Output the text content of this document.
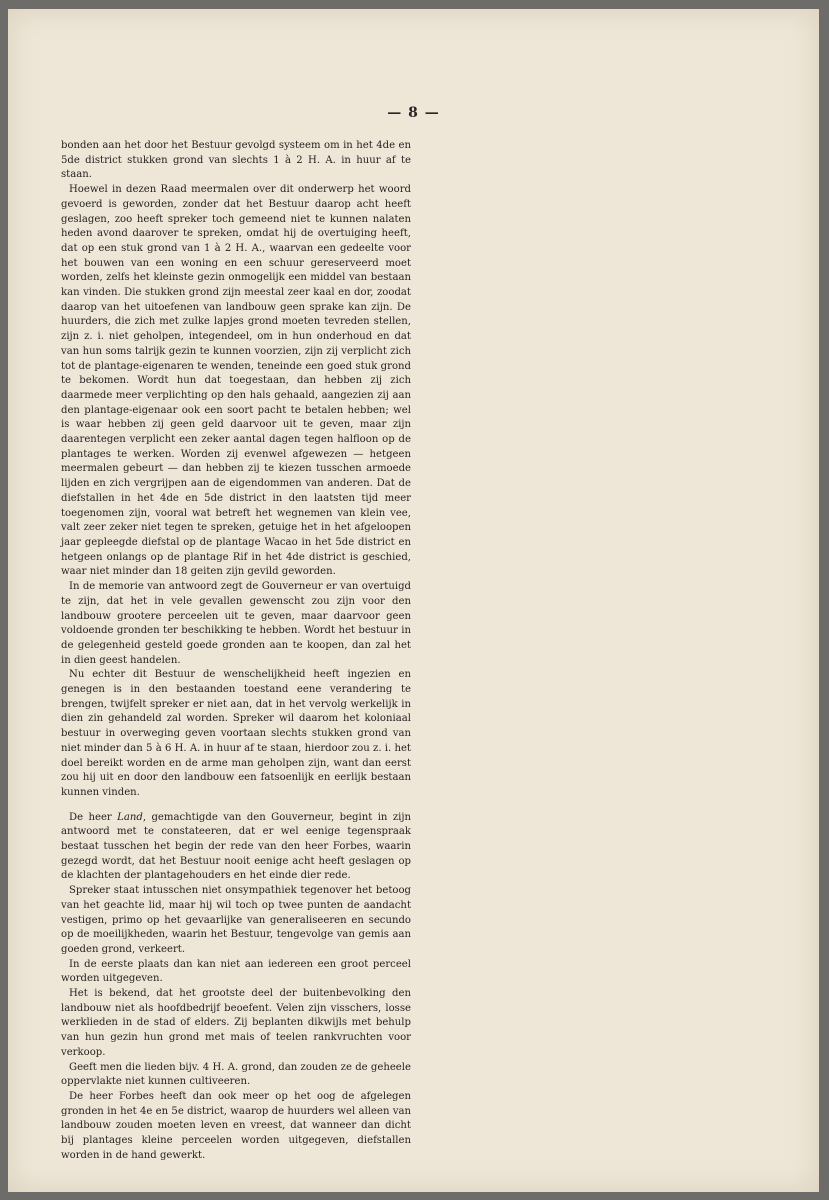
— 8 —

bonden aan het door het Bestuur gevolgd systeem om in het 4de en 5de district stukken grond van slechts 1 à 2 H. A. in huur af te staan.

Hoewel in dezen Raad meermalen over dit onderwerp het woord gevoerd is geworden, zonder dat het Bestuur daarop acht heeft geslagen, zoo heeft spreker toch gemeend niet te kunnen nalaten heden avond daarover te spreken, omdat hij de overtuiging heeft, dat op een stuk grond van 1 à 2 H. A., waarvan een gedeelte voor het bouwen van een woning en een schuur gereserveerd moet worden, zelfs het kleinste gezin onmogelijk een middel van bestaan kan vinden. Die stukken grond zijn meestal zeer kaal en dor, zoodat daarop van het uitoefenen van landbouw geen sprake kan zijn. De huurders, die zich met zulke lapjes grond moeten tevreden stellen, zijn z. i. niet geholpen, integendeel, om in hun onderhoud en dat van hun soms talrijk gezin te kunnen voorzien, zijn zij verplicht zich tot de plantage-eigenaren te wenden, teneinde een goed stuk grond te bekomen. Wordt hun dat toegestaan, dan hebben zij zich daarmede meer verplichting op den hals gehaald, aangezien zij aan den plantage-eigenaar ook een soort pacht te betalen hebben; wel is waar hebben zij geen geld daarvoor uit te geven, maar zijn daarentegen verplicht een zeker aantal dagen tegen halfloon op de plantages te werken. Worden zij evenwel afgewezen — hetgeen meermalen gebeurt — dan hebben zij te kiezen tusschen armoede lijden en zich vergrijpen aan de eigendommen van anderen. Dat de diefstallen in het 4de en 5de district in den laatsten tijd meer toegenomen zijn, vooral wat betreft het wegnemen van klein vee, valt zeer zeker niet tegen te spreken, getuige het in het afgeloopen jaar gepleegde diefstal op de plantage Wacao in het 5de district en hetgeen onlangs op de plantage Rif in het 4de district is geschied, waar niet minder dan 18 geiten zijn gevild geworden.

In de memorie van antwoord zegt de Gouverneur er van overtuigd te zijn, dat het in vele gevallen gewenscht zou zijn voor den landbouw grootere perceelen uit te geven, maar daarvoor geen voldoende gronden ter beschikking te hebben. Wordt het bestuur in de gelegenheid gesteld goede gronden aan te koopen, dan zal het in dien geest handelen.

Nu echter dit Bestuur de wenschelijkheid heeft ingezien en genegen is in den bestaanden toestand eene verandering te brengen, twijfelt spreker er niet aan, dat in het vervolg werkelijk in dien zin gehandeld zal worden. Spreker wil daarom het koloniaal bestuur in overweging geven voortaan slechts stukken grond van niet minder dan 5 à 6 H. A. in huur af te staan, hierdoor zou z. i. het doel bereikt worden en de arme man geholpen zijn, want dan eerst zou hij uit en door den landbouw een fatsoenlijk en eerlijk bestaan kunnen vinden.

De heer Land, gemachtigde van den Gouverneur, begint in zijn antwoord met te constateeren, dat er wel eenige tegenspraak bestaat tusschen het begin der rede van den heer Forbes, waarin gezegd wordt, dat het Bestuur nooit eenige acht heeft geslagen op de klachten der plantagehouders en het einde dier rede.

Spreker staat intusschen niet onsympathiek tegenover het betoog van het geachte lid, maar hij wil toch op twee punten de aandacht vestigen, primo op het gevaarlijke van generaliseeren en secundo op de moeilijkheden, waarin het Bestuur, tengevolge van gemis aan goeden grond, verkeert.

In de eerste plaats dan kan niet aan iedereen een groot perceel worden uitgegeven.

Het is bekend, dat het grootste deel der buitenbevolking den landbouw niet als hoofdbedrijf beoefent. Velen zijn visschers, losse werklieden in de stad of elders. Zij beplanten dikwijls met behulp van hun gezin hun grond met mais of teelen rankvruchten voor verkoop.

Geeft men die lieden bijv. 4 H. A. grond, dan zouden ze de geheele oppervlakte niet kunnen cultiveeren.

De heer Forbes heeft dan ook meer op het oog de afgelegen gronden in het 4e en 5e district, waarop de huurders wel alleen van landbouw zouden moeten leven en vreest, dat wanneer dan dicht bij plantages kleine perceelen worden uitgegeven, diefstallen worden in de hand gewerkt.
